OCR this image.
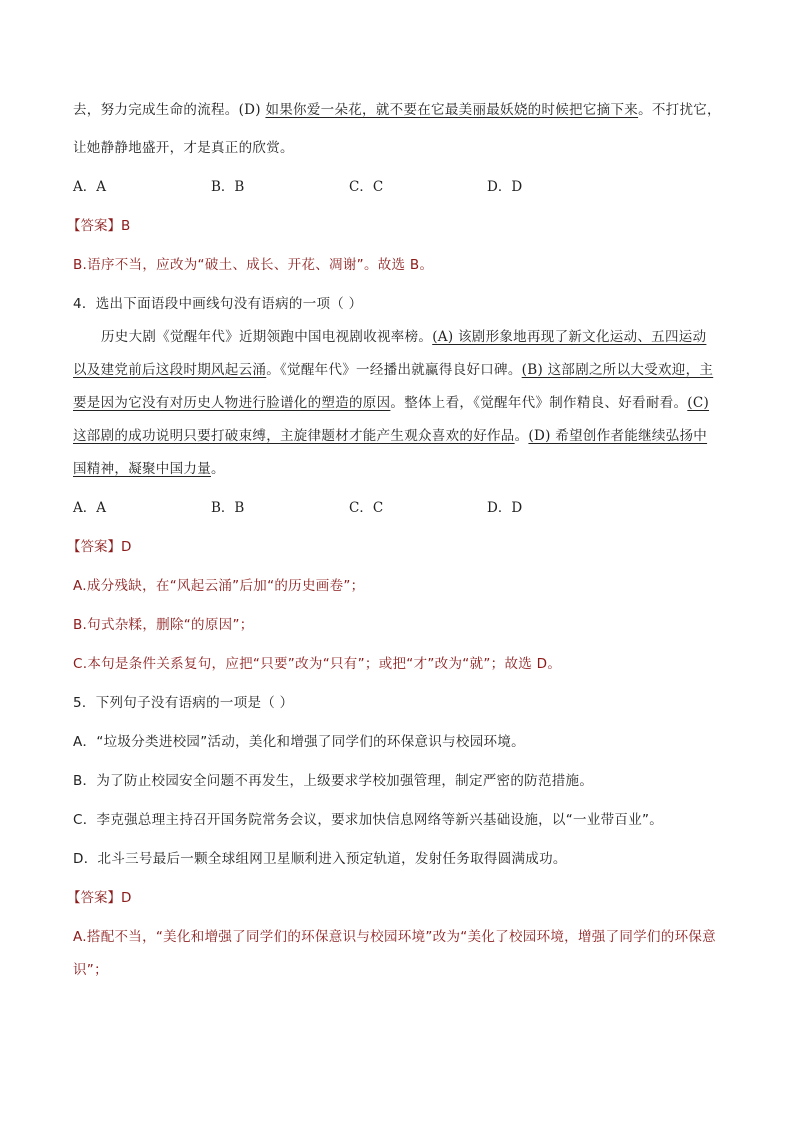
去，努力完成生命的流程。(D) 如果你爱一朵花，就不要在它最美丽最妖娆的时候把它摘下来。不打扰它，

让她静静地盛开，才是真正的欣赏。

A．A	B．B	C．C	D．D
【答案】B

B.语序不当，应改为“破土、成长、开花、凋谢”。故选 B。

4．选出下面语段中画线句没有语病的一项（ ）

历史大剧《觉醒年代》近期领跑中国电视剧收视率榜。(A) 该剧形象地再现了新文化运动、五四运动

以及建党前后这段时期风起云涌。《觉醒年代》一经播出就赢得良好口碑。(B) 这部剧之所以大受欢迎，主

要是因为它没有对历史人物进行脸谱化的塑造的原因。整体上看，《觉醒年代》制作精良、好看耐看。(C)

这部剧的成功说明只要打破束缚，主旋律题材才能产生观众喜欢的好作品。(D) 希望创作者能继续弘扬中

国精神，凝聚中国力量。

A．A	B．B	C．C	D．D
【答案】D

A.成分残缺，在“风起云涌”后加“的历史画卷”；

B.句式杂糅，删除“的原因”；

C.本句是条件关系复句，应把“只要”改为“只有”；或把“才”改为“就”；故选 D。

5．下列句子没有语病的一项是（ ）

A．“垃圾分类进校园”活动，美化和增强了同学们的环保意识与校园环境。

B．为了防止校园安全问题不再发生，上级要求学校加强管理，制定严密的防范措施。

C．李克强总理主持召开国务院常务会议，要求加快信息网络等新兴基础设施，以“一业带百业”。

D．北斗三号最后一颗全球组网卫星顺利进入预定轨道，发射任务取得圆满成功。

【答案】D

A.搭配不当，“美化和增强了同学们的环保意识与校园环境”改为“美化了校园环境，增强了同学们的环保意

识”；
